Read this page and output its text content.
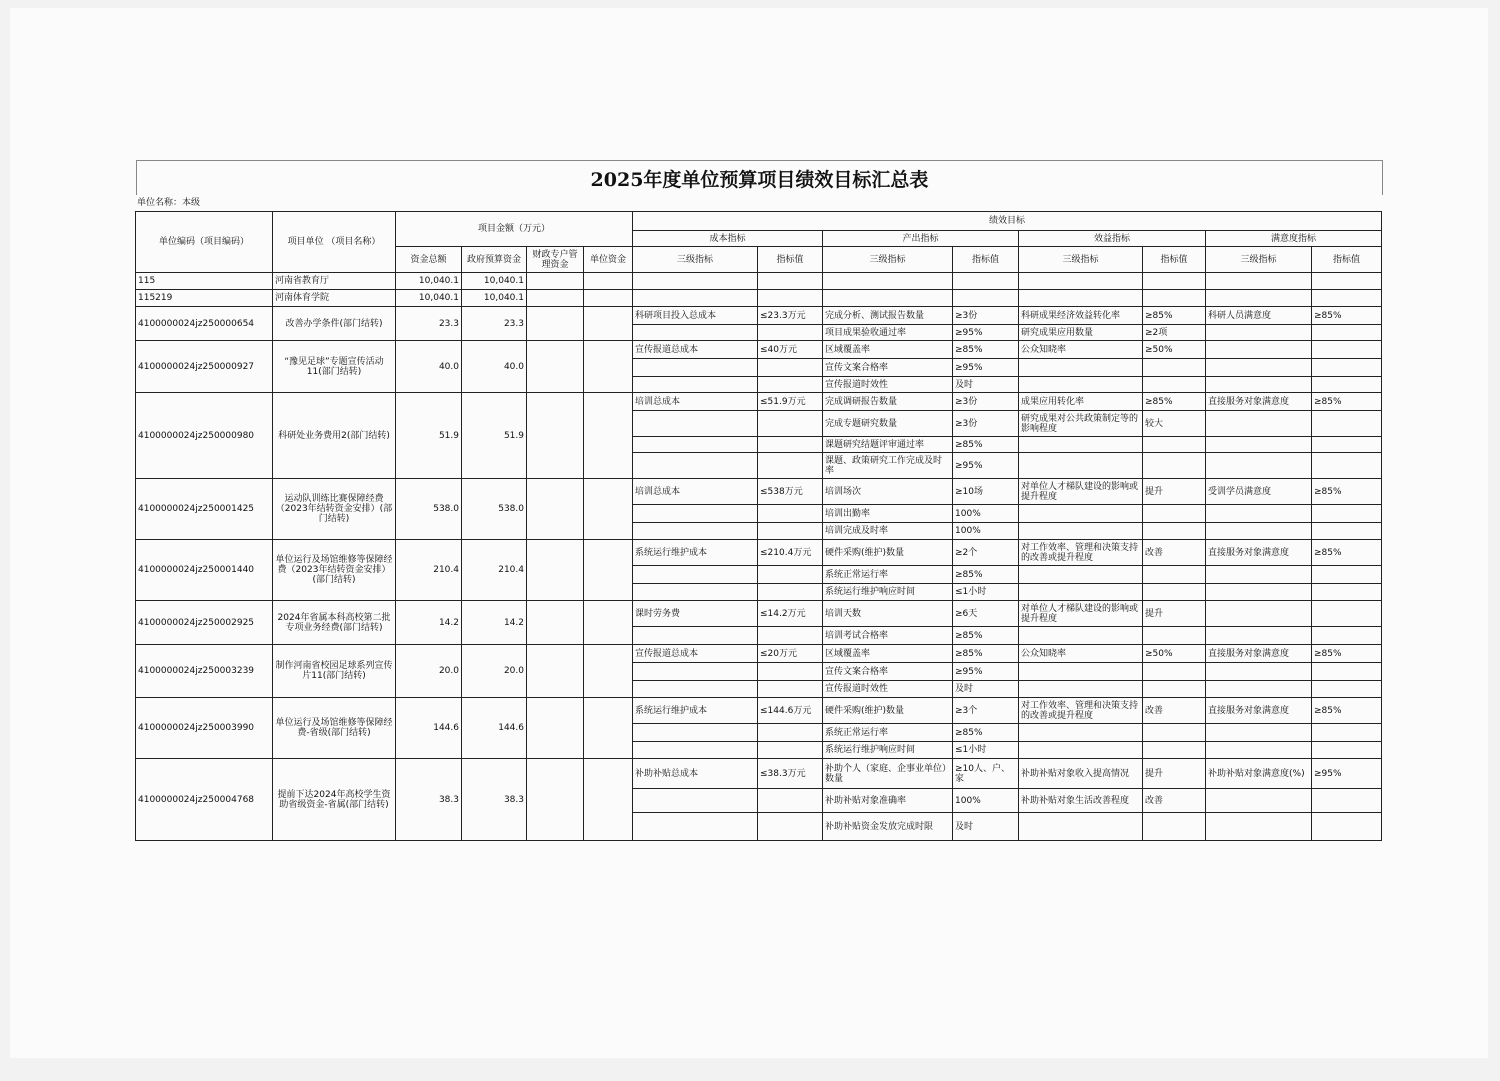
2025年度单位预算项目绩效目标汇总表
单位名称：本级
单位编码（项目编码）	项目单位 （项目名称）	项目金额（万元）				绩效目标							
						成本指标		产出指标		效益指标		满意度指标	
		资金总额	政府预算资金	财政专户管理资金	单位资金	三级指标	指标值	三级指标	指标值	三级指标	指标值	三级指标	指标值
115	河南省教育厅	10,040.1	10,040.1										
115219	河南体育学院	10,040.1	10,040.1										
4100000024jz250000654	改善办学条件(部门结转)	23.3	23.3			科研项目投入总成本	≤23.3万元	完成分析、测试报告数量	≥3份	科研成果经济效益转化率	≥85%	科研人员满意度	≥85%
								项目成果验收通过率	≥95%	研究成果应用数量	≥2项		
4100000024jz250000927	“豫见足球”专题宣传活动11(部门结转)	40.0	40.0			宣传报道总成本	≤40万元	区域覆盖率	≥85%	公众知晓率	≥50%		
								宣传文案合格率	≥95%				
								宣传报道时效性	及时				
4100000024jz250000980	科研处业务费用2(部门结转)	51.9	51.9			培训总成本	≤51.9万元	完成调研报告数量	≥3份	成果应用转化率	≥85%	直接服务对象满意度	≥85%
								完成专题研究数量	≥3份	研究成果对公共政策制定等的影响程度	较大		
								课题研究结题评审通过率	≥85%				
								课题、政策研究工作完成及时率	≥95%				
4100000024jz250001425	运动队训练比赛保障经费（2023年结转资金安排）(部门结转)	538.0	538.0			培训总成本	≤538万元	培训场次	≥10场	对单位人才梯队建设的影响或提升程度	提升	受训学员满意度	≥85%
								培训出勤率	100%				
								培训完成及时率	100%				
4100000024jz250001440	单位运行及场馆维修等保障经费（2023年结转资金安排）(部门结转)	210.4	210.4			系统运行维护成本	≤210.4万元	硬件采购(维护)数量	≥2个	对工作效率、管理和决策支持的改善或提升程度	改善	直接服务对象满意度	≥85%
								系统正常运行率	≥85%				
								系统运行维护响应时间	≤1小时				
4100000024jz250002925	2024年省属本科高校第二批专项业务经费(部门结转)	14.2	14.2			课时劳务费	≤14.2万元	培训天数	≥6天	对单位人才梯队建设的影响或提升程度	提升		
								培训考试合格率	≥85%				
4100000024jz250003239	制作河南省校园足球系列宣传片11(部门结转)	20.0	20.0			宣传报道总成本	≤20万元	区域覆盖率	≥85%	公众知晓率	≥50%	直接服务对象满意度	≥85%
								宣传文案合格率	≥95%				
								宣传报道时效性	及时				
4100000024jz250003990	单位运行及场馆维修等保障经费-省级(部门结转)	144.6	144.6			系统运行维护成本	≤144.6万元	硬件采购(维护)数量	≥3个	对工作效率、管理和决策支持的改善或提升程度	改善	直接服务对象满意度	≥85%
								系统正常运行率	≥85%				
								系统运行维护响应时间	≤1小时				
4100000024jz250004768	提前下达2024年高校学生资助省级资金-省属(部门结转)	38.3	38.3			补助补贴总成本	≤38.3万元	补助个人（家庭、企事业单位）数量	≥10人、户、家	补助补贴对象收入提高情况	提升	补助补贴对象满意度(%)	≥95%
								补助补贴对象准确率	100%	补助补贴对象生活改善程度	改善		
								补助补贴资金发放完成时限	及时				
